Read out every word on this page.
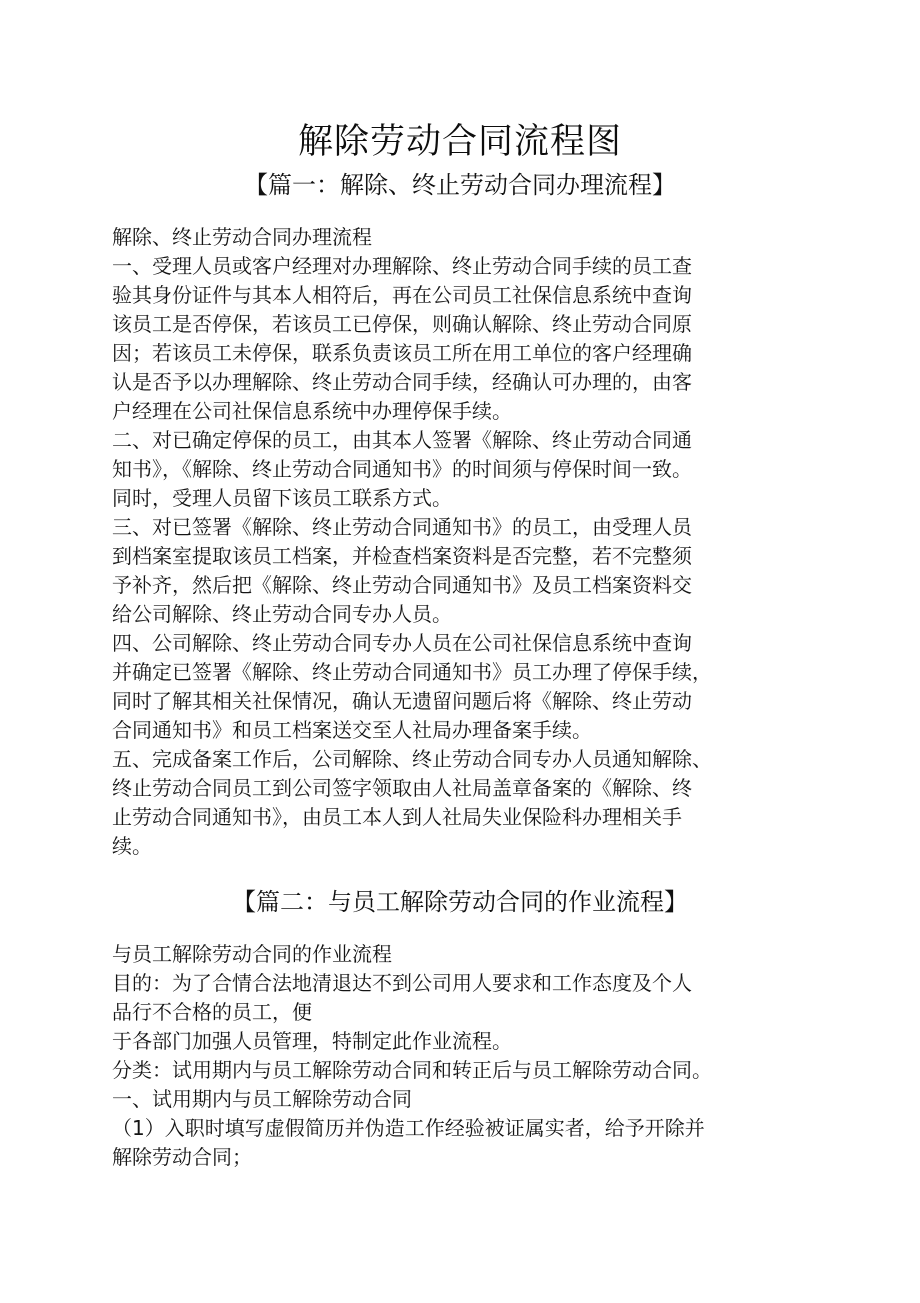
解除劳动合同流程图
【篇一：解除、终止劳动合同办理流程】
解除、终止劳动合同办理流程
一、受理人员或客户经理对办理解除、终止劳动合同手续的员工查
验其身份证件与其本人相符后，再在公司员工社保信息系统中查询
该员工是否停保，若该员工已停保，则确认解除、终止劳动合同原
因；若该员工未停保，联系负责该员工所在用工单位的客户经理确
认是否予以办理解除、终止劳动合同手续，经确认可办理的，由客
户经理在公司社保信息系统中办理停保手续。
二、对已确定停保的员工，由其本人签署《解除、终止劳动合同通
知书》，《解除、终止劳动合同通知书》的时间须与停保时间一致。
同时，受理人员留下该员工联系方式。
三、对已签署《解除、终止劳动合同通知书》的员工，由受理人员
到档案室提取该员工档案，并检查档案资料是否完整，若不完整须
予补齐，然后把《解除、终止劳动合同通知书》及员工档案资料交
给公司解除、终止劳动合同专办人员。
四、公司解除、终止劳动合同专办人员在公司社保信息系统中查询
并确定已签署《解除、终止劳动合同通知书》员工办理了停保手续，
同时了解其相关社保情况，确认无遗留问题后将《解除、终止劳动
合同通知书》和员工档案送交至人社局办理备案手续。
五、完成备案工作后，公司解除、终止劳动合同专办人员通知解除、
终止劳动合同员工到公司签字领取由人社局盖章备案的《解除、终
止劳动合同通知书》，由员工本人到人社局失业保险科办理相关手
续。
【篇二：与员工解除劳动合同的作业流程】
与员工解除劳动合同的作业流程
目的：为了合情合法地清退达不到公司用人要求和工作态度及个人
品行不合格的员工，便
于各部门加强人员管理，特制定此作业流程。
分类：试用期内与员工解除劳动合同和转正后与员工解除劳动合同。
一、试用期内与员工解除劳动合同
（1）入职时填写虚假简历并伪造工作经验被证属实者，给予开除并
解除劳动合同；
